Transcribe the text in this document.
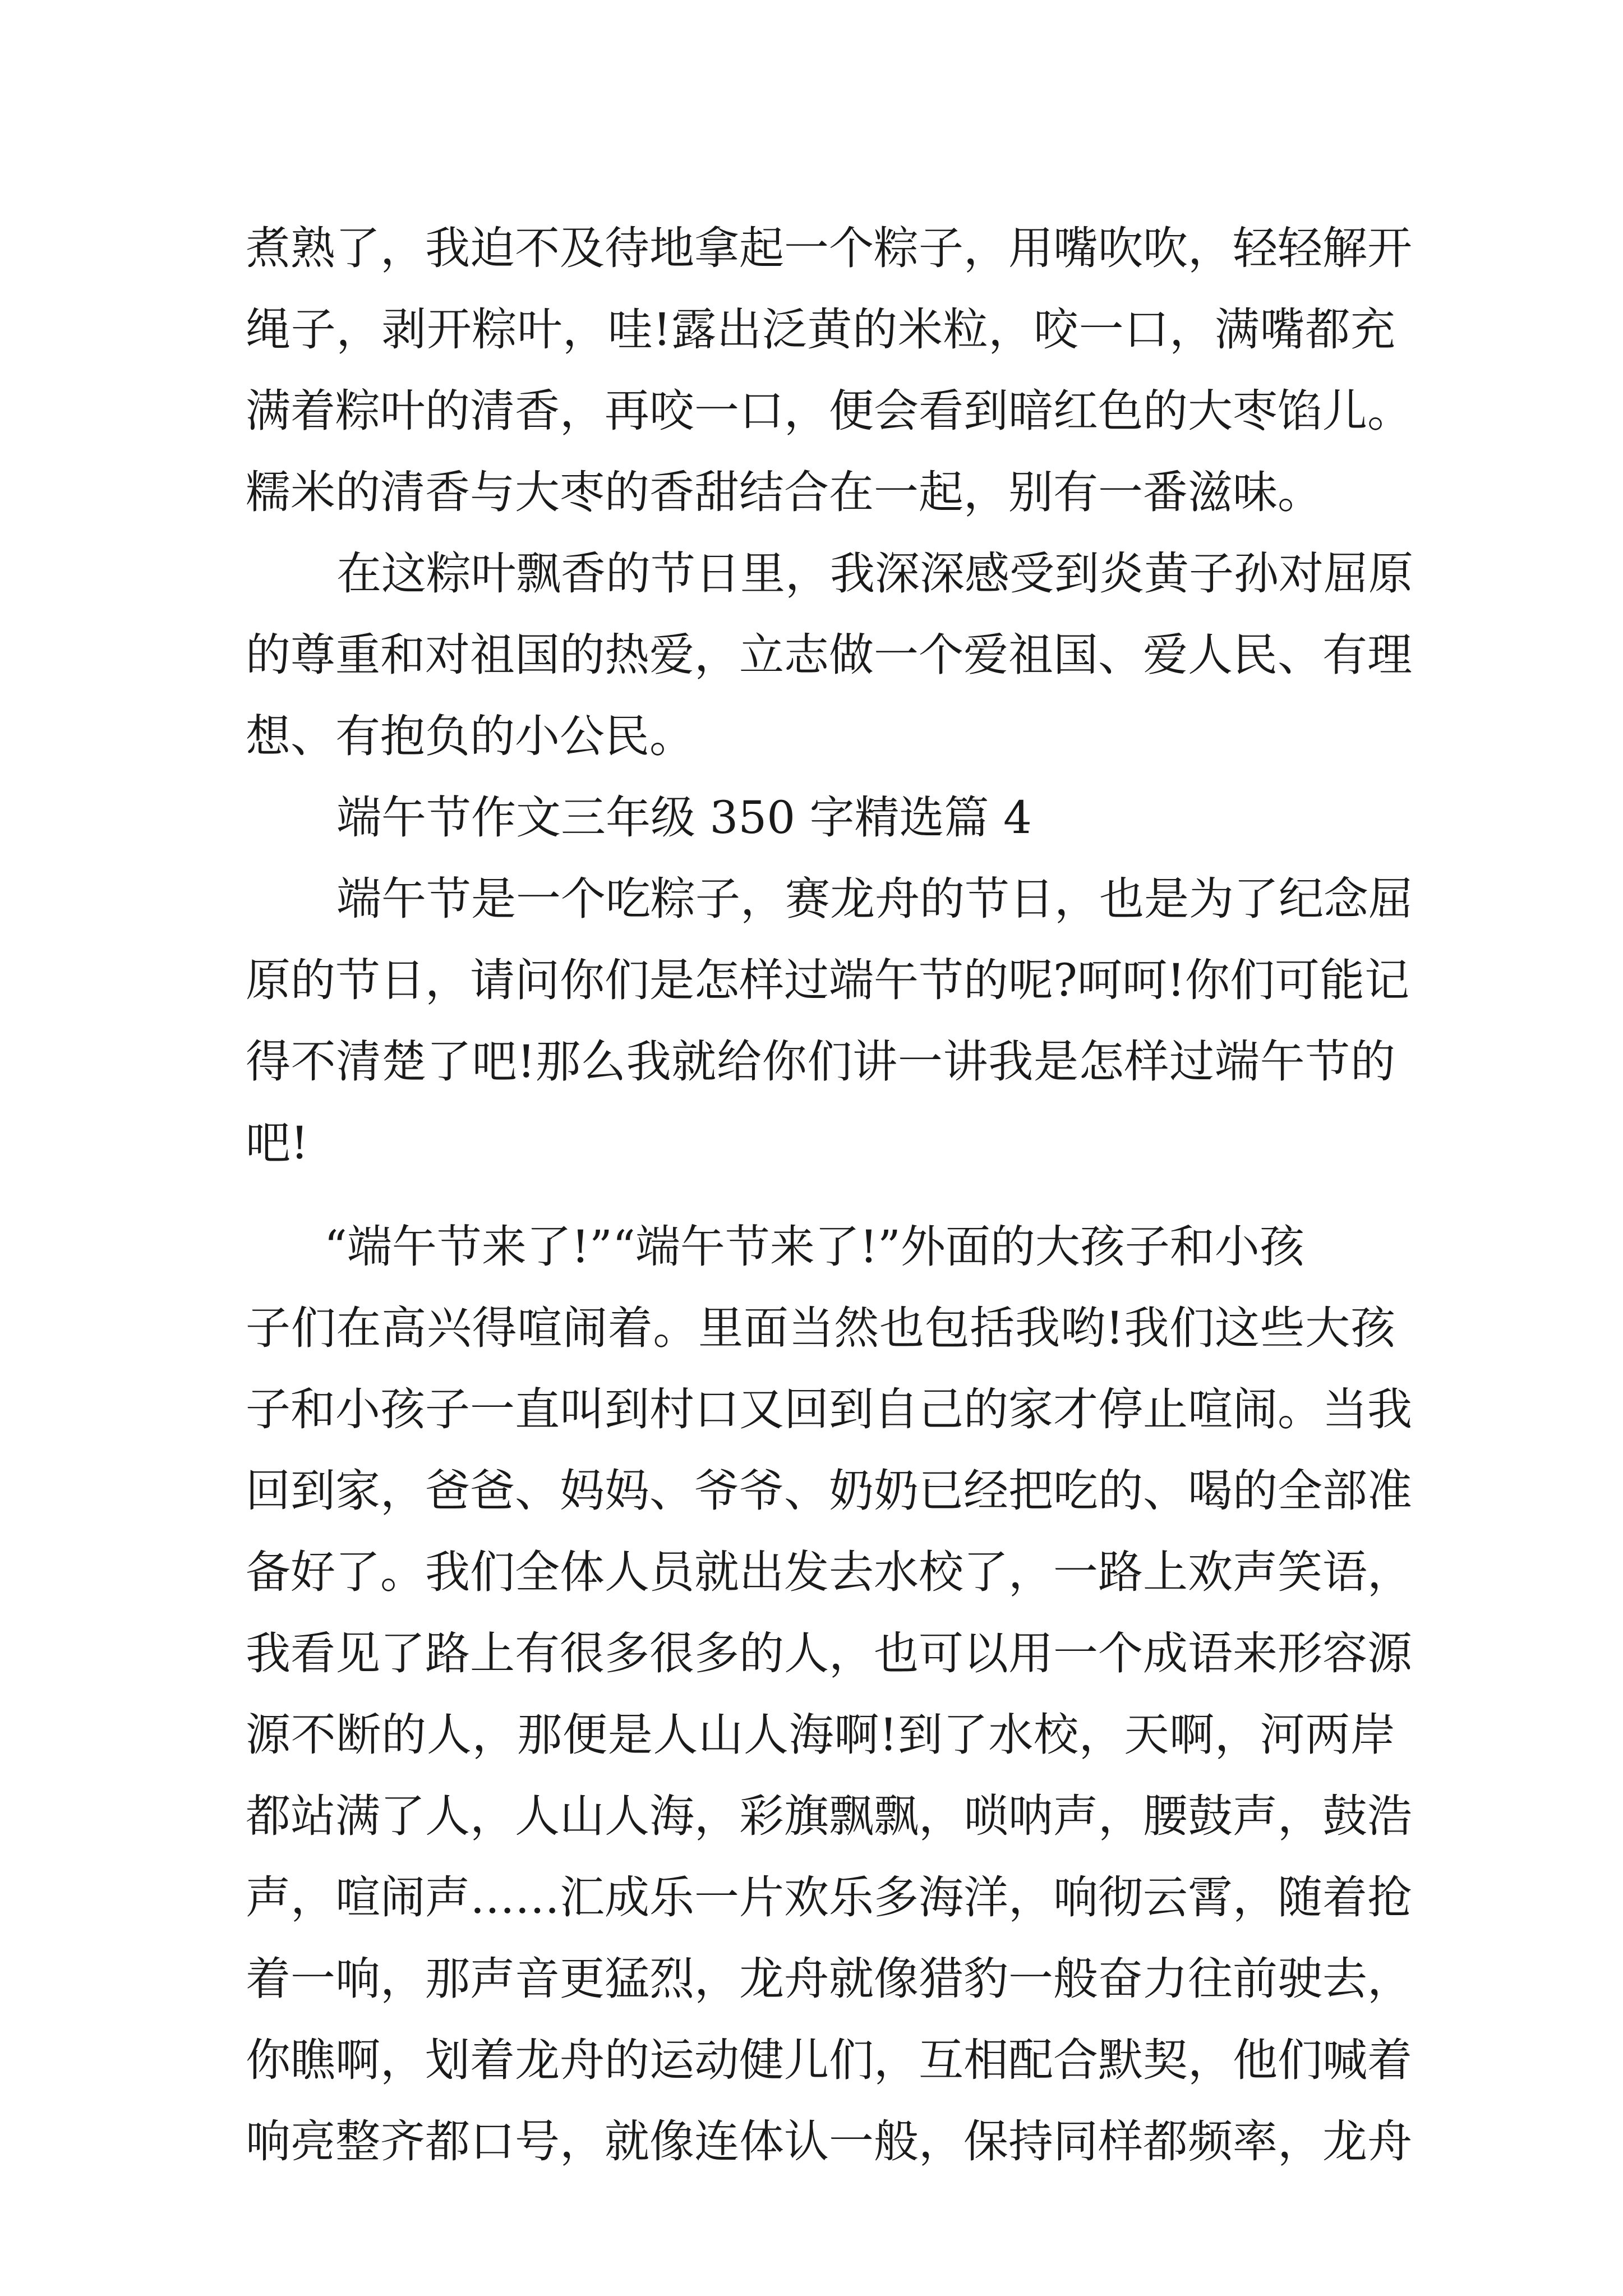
煮熟了，我迫不及待地拿起一个粽子，用嘴吹吹，轻轻解开
绳子，剥开粽叶，哇!露出泛黄的米粒，咬一口，满嘴都充
满着粽叶的清香，再咬一口，便会看到暗红色的大枣馅儿。
糯米的清香与大枣的香甜结合在一起，别有一番滋味。
在这粽叶飘香的节日里，我深深感受到炎黄子孙对屈原
的尊重和对祖国的热爱，立志做一个爱祖国、爱人民、有理
想、有抱负的小公民。
端午节作文三年级 350 字精选篇 4
端午节是一个吃粽子，赛龙舟的节日，也是为了纪念屈
原的节日，请问你们是怎样过端午节的呢?呵呵!你们可能记
得不清楚了吧!那么我就给你们讲一讲我是怎样过端午节的
吧!
“端午节来了!”“端午节来了!”外面的大孩子和小孩
子们在高兴得喧闹着。里面当然也包括我哟!我们这些大孩
子和小孩子一直叫到村口又回到自己的家才停止喧闹。当我
回到家，爸爸、妈妈、爷爷、奶奶已经把吃的、喝的全部准
备好了。我们全体人员就出发去水校了，一路上欢声笑语，
我看见了路上有很多很多的人，也可以用一个成语来形容源
源不断的人，那便是人山人海啊!到了水校，天啊，河两岸
都站满了人，人山人海，彩旗飘飘，唢呐声，腰鼓声，鼓浩
声，喧闹声……汇成乐一片欢乐多海洋，响彻云霄，随着抢
着一响，那声音更猛烈，龙舟就像猎豹一般奋力往前驶去，
你瞧啊，划着龙舟的运动健儿们，互相配合默契，他们喊着
响亮整齐都口号，就像连体认一般，保持同样都频率，龙舟
